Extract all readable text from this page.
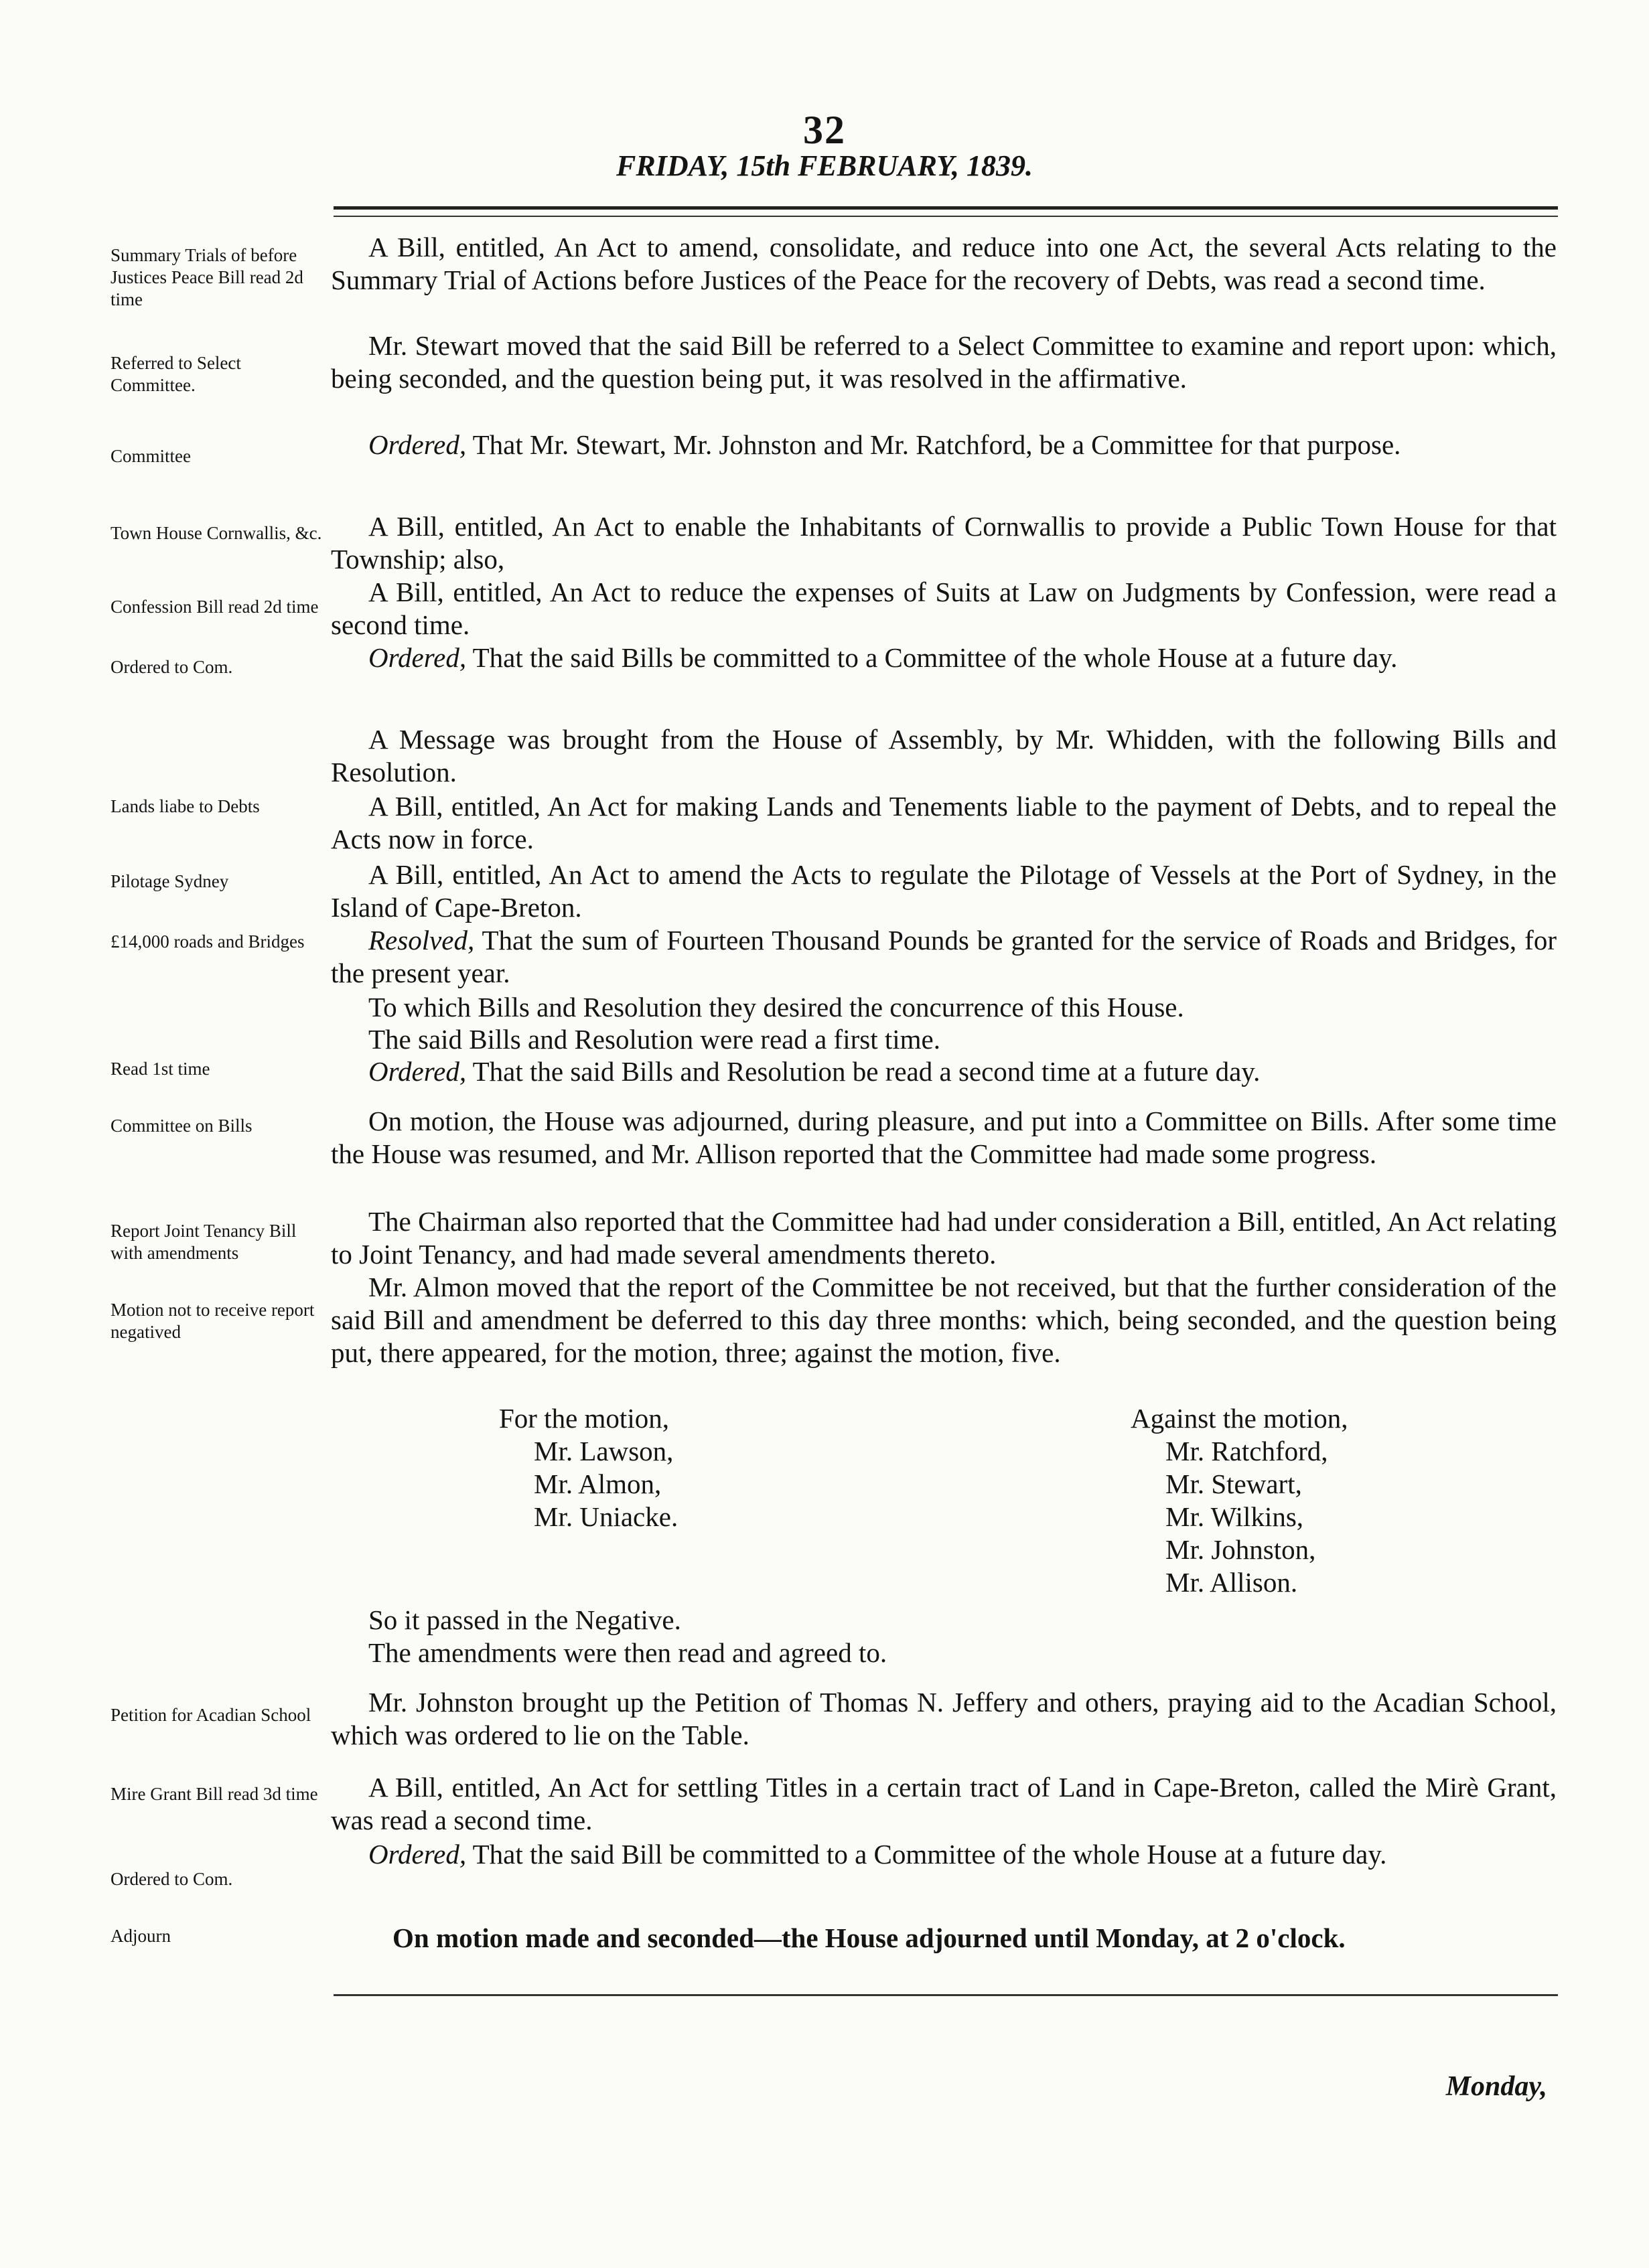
32
FRIDAY, 15th FEBRUARY, 1839.
Summary Trials of before Justices Peace Bill read 2d time
Referred to Select Committee.
Committee
Town House Cornwallis, &c.
Confession Bill read 2d time
Ordered to Com.
Lands liabe to Debts
Pilotage Sydney
£14,000 roads and Bridges
Read 1st time
Committee on Bills
Report Joint Tenancy Bill with amendments
Motion not to receive report negatived
Petition for Acadian School
Mire Grant Bill read 3d time
Ordered to Com.
Adjourn
A Bill, entitled, An Act to amend, consolidate, and reduce into one Act, the several Acts relating to the Summary Trial of Actions before Justices of the Peace for the recovery of Debts, was read a second time.
Mr. Stewart moved that the said Bill be referred to a Select Committee to examine and report upon: which, being seconded, and the question being put, it was resolved in the affirmative.
Ordered, That Mr. Stewart, Mr. Johnston and Mr. Ratchford, be a Committee for that purpose.
A Bill, entitled, An Act to enable the Inhabitants of Cornwallis to provide a Public Town House for that Township; also,
A Bill, entitled, An Act to reduce the expenses of Suits at Law on Judgments by Confession, were read a second time.
Ordered, That the said Bills be committed to a Committee of the whole House at a future day.
A Message was brought from the House of Assembly, by Mr. Whidden, with the following Bills and Resolution.
A Bill, entitled, An Act for making Lands and Tenements liable to the payment of Debts, and to repeal the Acts now in force.
A Bill, entitled, An Act to amend the Acts to regulate the Pilotage of Vessels at the Port of Sydney, in the Island of Cape-Breton.
Resolved, That the sum of Fourteen Thousand Pounds be granted for the service of Roads and Bridges, for the present year.
To which Bills and Resolution they desired the concurrence of this House.
The said Bills and Resolution were read a first time.
Ordered, That the said Bills and Resolution be read a second time at a future day.
On motion, the House was adjourned, during pleasure, and put into a Committee on Bills. After some time the House was resumed, and Mr. Allison reported that the Committee had made some progress.
The Chairman also reported that the Committee had had under consideration a Bill, entitled, An Act relating to Joint Tenancy, and had made several amendments thereto.
Mr. Almon moved that the report of the Committee be not received, but that the further consideration of the said Bill and amendment be deferred to this day three months: which, being seconded, and the question being put, there appeared, for the motion, three; against the motion, five.
For the motion,
Mr. Lawson,
Mr. Almon,
Mr. Uniacke.
Against the motion,
Mr. Ratchford,
Mr. Stewart,
Mr. Wilkins,
Mr. Johnston,
Mr. Allison.
So it passed in the Negative.
The amendments were then read and agreed to.
Mr. Johnston brought up the Petition of Thomas N. Jeffery and others, praying aid to the Acadian School, which was ordered to lie on the Table.
A Bill, entitled, An Act for settling Titles in a certain tract of Land in Cape-Breton, called the Mirè Grant, was read a second time.
Ordered, That the said Bill be committed to a Committee of the whole House at a future day.
On motion made and seconded—the House adjourned until Monday, at 2 o'clock.
Monday,
